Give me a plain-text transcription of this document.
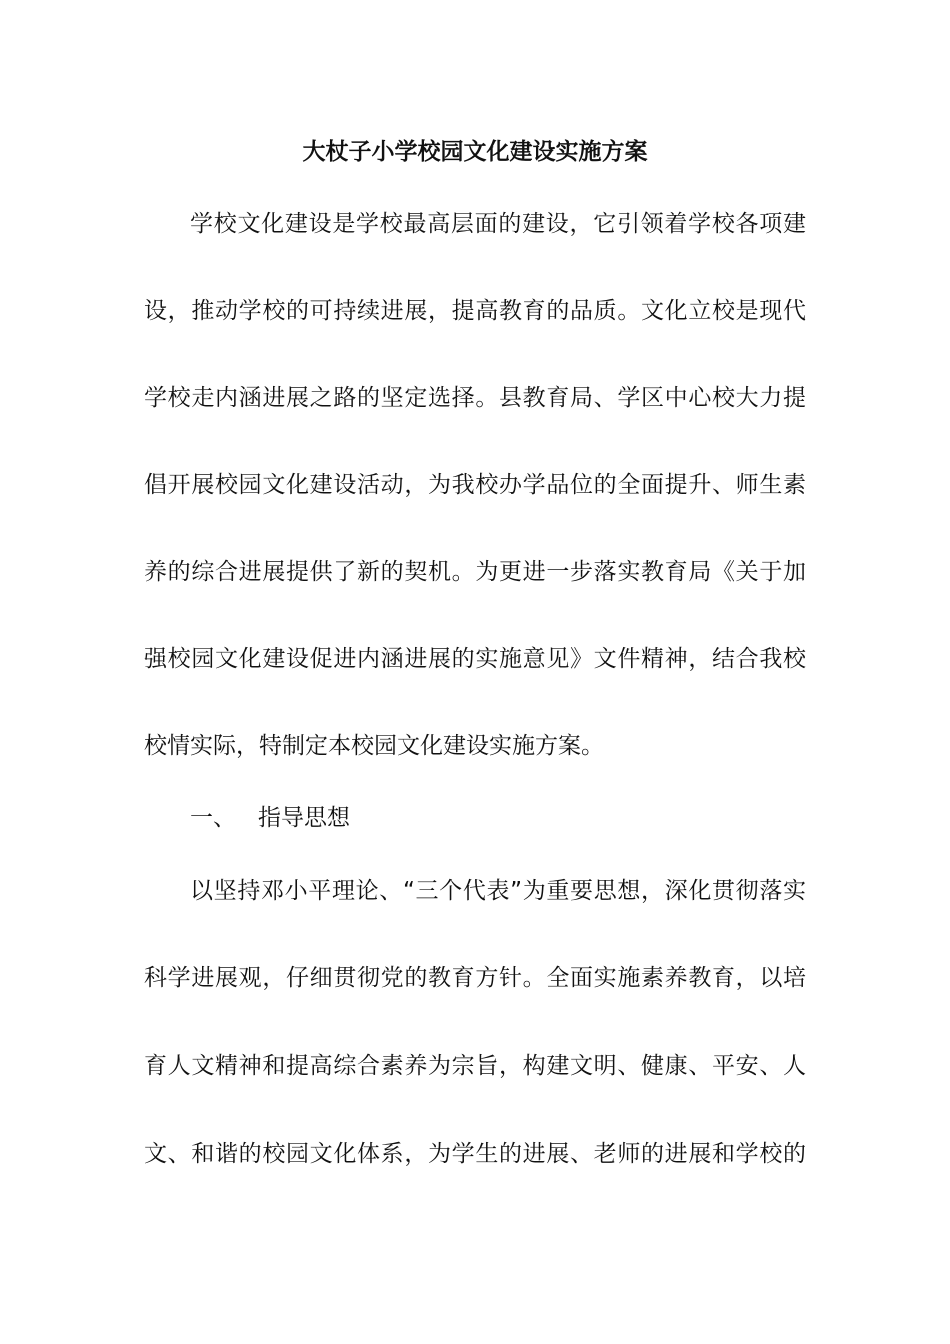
大杖子小学校园文化建设实施方案
学校文化建设是学校最高层面的建设，它引领着学校各项建
设，推动学校的可持续进展，提高教育的品质。文化立校是现代
学校走内涵进展之路的坚定选择。县教育局、学区中心校大力提
倡开展校园文化建设活动，为我校办学品位的全面提升、师生素
养的综合进展提供了新的契机。为更进一步落实教育局《关于加
强校园文化建设促进内涵进展的实施意见》文件精神，结合我校
校情实际，特制定本校园文化建设实施方案。
一、 指导思想
以坚持邓小平理论、“三个代表”为重要思想，深化贯彻落实
科学进展观，仔细贯彻党的教育方针。全面实施素养教育，以培
育人文精神和提高综合素养为宗旨，构建文明、健康、平安、人
文、和谐的校园文化体系，为学生的进展、老师的进展和学校的
